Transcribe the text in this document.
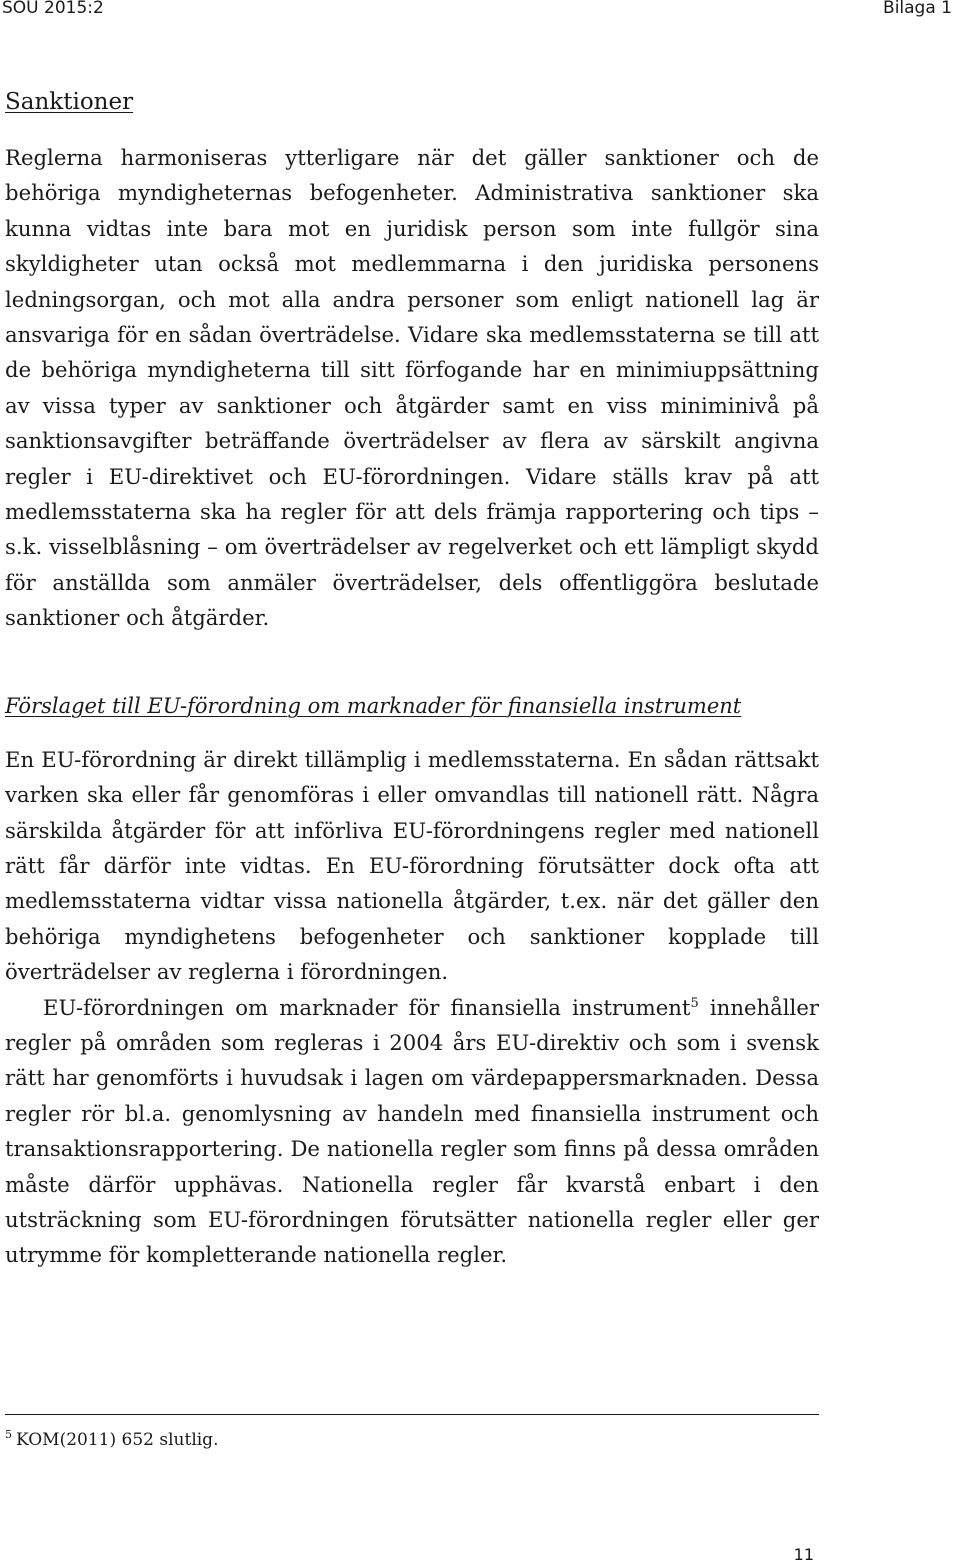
SOU 2015:2	Bilaga 1
Sanktioner

Reglerna harmoniseras ytterligare när det gäller sanktioner och de behöriga myndigheternas befogenheter. Administrativa sanktioner ska kunna vidtas inte bara mot en juridisk person som inte fullgör sina skyldigheter utan också mot medlemmarna i den juridiska personens ledningsorgan, och mot alla andra personer som enligt nationell lag är ansvariga för en sådan överträdelse. Vidare ska medlemsstaterna se till att de behöriga myndigheterna till sitt förfogande har en minimiuppsättning av vissa typer av sanktioner och åtgärder samt en viss miniminivå på sanktionsavgifter beträffande överträdelser av flera av särskilt angivna regler i EU-direktivet och EU-förordningen. Vidare ställs krav på att medlemsstaterna ska ha regler för att dels främja rapportering och tips – s.k. visselblåsning – om överträdelser av regelverket och ett lämpligt skydd för anställda som anmäler överträdelser, dels offentliggöra beslutade sanktioner och åtgärder.

Förslaget till EU-förordning om marknader för finansiella instrument

En EU-förordning är direkt tillämplig i medlemsstaterna. En sådan rättsakt varken ska eller får genomföras i eller omvandlas till nationell rätt. Några särskilda åtgärder för att införliva EU-förordningens regler med nationell rätt får därför inte vidtas. En EU-förordning förutsätter dock ofta att medlemsstaterna vidtar vissa nationella åtgärder, t.ex. när det gäller den behöriga myndighetens befogenheter och sanktioner kopplade till överträdelser av reglerna i förordningen.

EU-förordningen om marknader för finansiella instrument$^5$ innehåller regler på områden som regleras i 2004 års EU-direktiv och som i svensk rätt har genomförts i huvudsak i lagen om värdepappersmarknaden. Dessa regler rör bl.a. genomlysning av handeln med finansiella instrument och transaktionsrapportering. De nationella regler som finns på dessa områden måste därför upphävas. Nationella regler får kvarstå enbart i den utsträckning som EU-förordningen förutsätter nationella regler eller ger utrymme för kompletterande nationella regler.

$^5$ KOM(2011) 652 slutlig.
11
